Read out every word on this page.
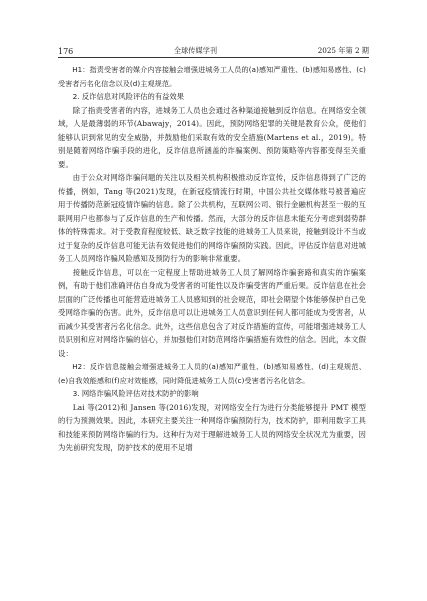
176	全球传媒学刊	2025 年第 2 期

H1：指责受害者的媒介内容接触会增强进城务工人员的(a)感知严重性、(b)感知易感性、(c)受害者污名化信念以及(d)主观规范。

2. 反诈信息对风险评估的有益效果

除了指责受害者的内容，进城务工人员也会通过各种渠道接触到反诈信息。在网络安全领域，人是最薄弱的环节(Abawajy，2014)。因此，预防网络犯罪的关键是教育公众，使他们能够认识到常见的安全威胁，并鼓励他们采取有效的安全措施(Martens et al.，2019)。特别是随着网络诈骗手段的进化，反诈信息所涵盖的诈骗案例、预防策略等内容都变得至关重要。

由于公众对网络诈骗问题的关注以及相关机构积极推动反诈宣传，反诈信息得到了广泛的传播，例如，Tang 等(2021)发现，在新冠疫情流行时期，中国公共社交媒体账号被普遍应用于传播防范新冠疫情诈骗的信息。除了公共机构，互联网公司、银行金融机构甚至一般的互联网用户也都参与了反诈信息的生产和传播。然而，大部分的反诈信息未能充分考虑到弱势群体的特殊需求。对于受教育程度较低、缺乏数字技能的进城务工人员来说，接触到设计不当或过于复杂的反诈信息可能无法有效促进他们的网络诈骗预防实践。因此，评估反诈信息对进城务工人员网络诈骗风险感知及预防行为的影响非常重要。

接触反诈信息，可以在一定程度上帮助进城务工人员了解网络诈骗套路和真实的诈骗案例，有助于他们准确评估自身成为受害者的可能性以及诈骗受害的严重后果。反诈信息在社会层面的广泛传播也可能营造进城务工人员感知到的社会规范，即社会期望个体能够保护自己免受网络诈骗的伤害。此外，反诈信息可以让进城务工人员意识到任何人都可能成为受害者，从而减少其受害者污名化信念。此外，这些信息包含了对反诈措施的宣传，可能增强进城务工人员识别和应对网络诈骗的信心，并加强他们对防范网络诈骗措施有效性的信念。因此，本文假设：

H2：反诈信息接触会增强进城务工人员的(a)感知严重性、(b)感知易感性、(d)主观规范、(e)自我效能感和(f)应对效能感，同时降低进城务工人员(c)受害者污名化信念。

3. 网络诈骗风险评估对技术防护的影响

Lai 等(2012)和 Jansen 等(2016)发现，对网络安全行为进行分类能够提升 PMT 模型的行为预测效果。因此，本研究主要关注一种网络诈骗预防行为，技术防护，即利用数字工具和技能来预防网络诈骗的行为。这种行为对于理解进城务工人员的网络安全状况尤为重要，因为先前研究发现，防护技术的使用不足增
